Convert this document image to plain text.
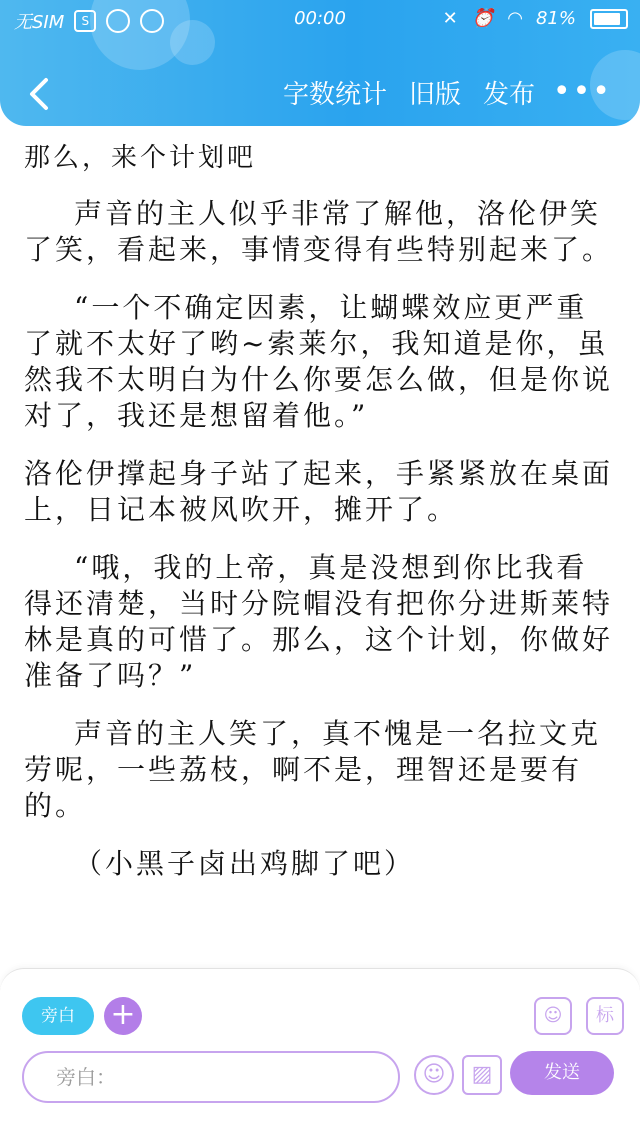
无SIM	S	00:00	✕ ⏰ ◠ 81%
字数统计 旧版 发布 •••
那么，来个计划吧
声音的主人似乎非常了解他，洛伦伊笑了笑，看起来，事情变得有些特别起来了。
“一个不确定因素，让蝴蝶效应更严重了就不太好了哟~索莱尔，我知道是你，虽然我不太明白为什么你要怎么做，但是你说对了，我还是想留着他。”
洛伦伊撑起身子站了起来，手紧紧放在桌面上，日记本被风吹开，摊开了。
“哦，我的上帝，真是没想到你比我看得还清楚，当时分院帽没有把你分进斯莱特林是真的可惜了。那么，这个计划，你做好准备了吗？”
声音的主人笑了，真不愧是一名拉文克劳呢，一些荔枝，啊不是，理智还是要有的。
（小黑子卤出鸡脚了吧）
旁白	+	☺	标
旁白：	☺	▨	发送
